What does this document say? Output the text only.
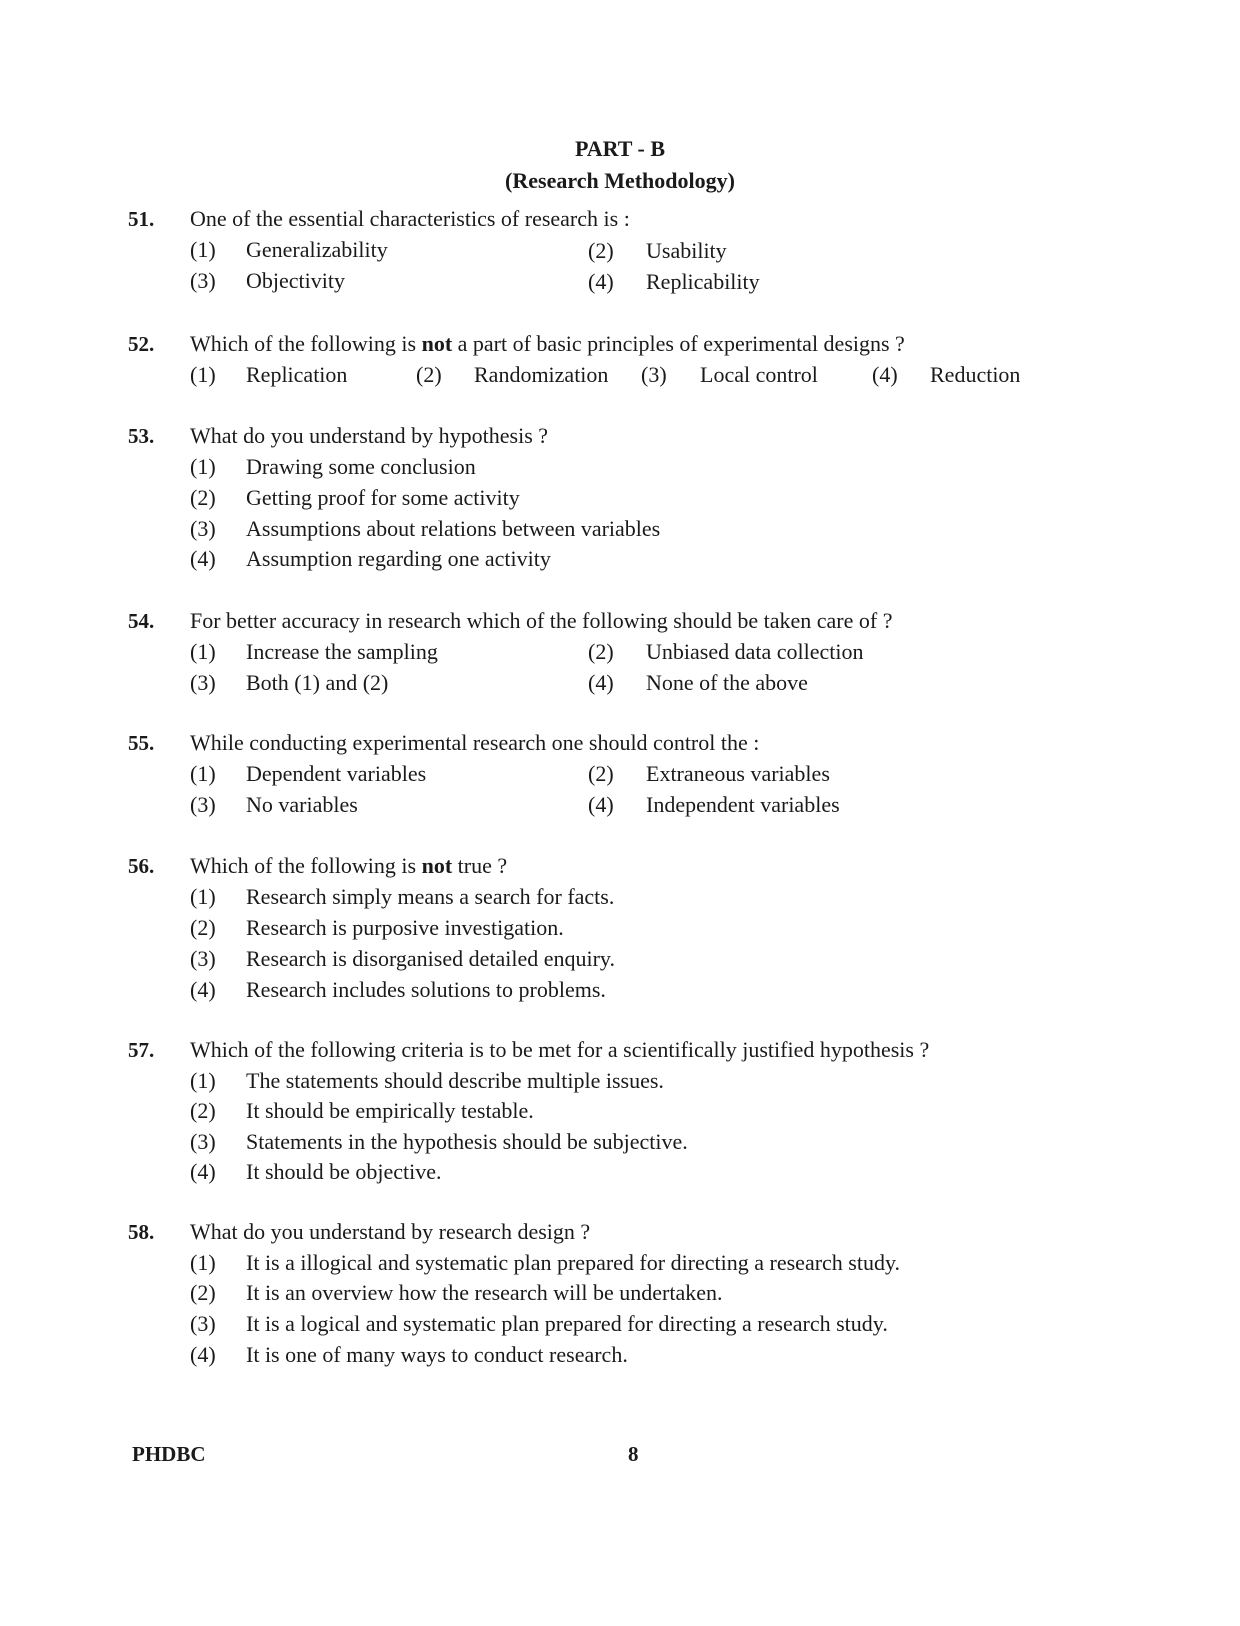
PART - B
(Research Methodology)
51. One of the essential characteristics of research is :
(1) Generalizability	(2) Usability
(3) Objectivity	(4) Replicability
52. Which of the following is not a part of basic principles of experimental designs ?
(1) Replication	(2) Randomization (3) Local control (4) Reduction
53. What do you understand by hypothesis ?
(1) Drawing some conclusion
(2) Getting proof for some activity
(3) Assumptions about relations between variables
(4) Assumption regarding one activity
54. For better accuracy in research which of the following should be taken care of ?
(1) Increase the sampling	(2) Unbiased data collection
(3) Both (1) and (2)	(4) None of the above
55. While conducting experimental research one should control the :
(1) Dependent variables	(2) Extraneous variables
(3) No variables	(4) Independent variables
56. Which of the following is not true ?
(1) Research simply means a search for facts.
(2) Research is purposive investigation.
(3) Research is disorganised detailed enquiry.
(4) Research includes solutions to problems.
57. Which of the following criteria is to be met for a scientifically justified hypothesis ?
(1) The statements should describe multiple issues.
(2) It should be empirically testable.
(3) Statements in the hypothesis should be subjective.
(4) It should be objective.
58. What do you understand by research design ?
(1) It is a illogical and systematic plan prepared for directing a research study.
(2) It is an overview how the research will be undertaken.
(3) It is a logical and systematic plan prepared for directing a research study.
(4) It is one of many ways to conduct research.
PHDBC	8
